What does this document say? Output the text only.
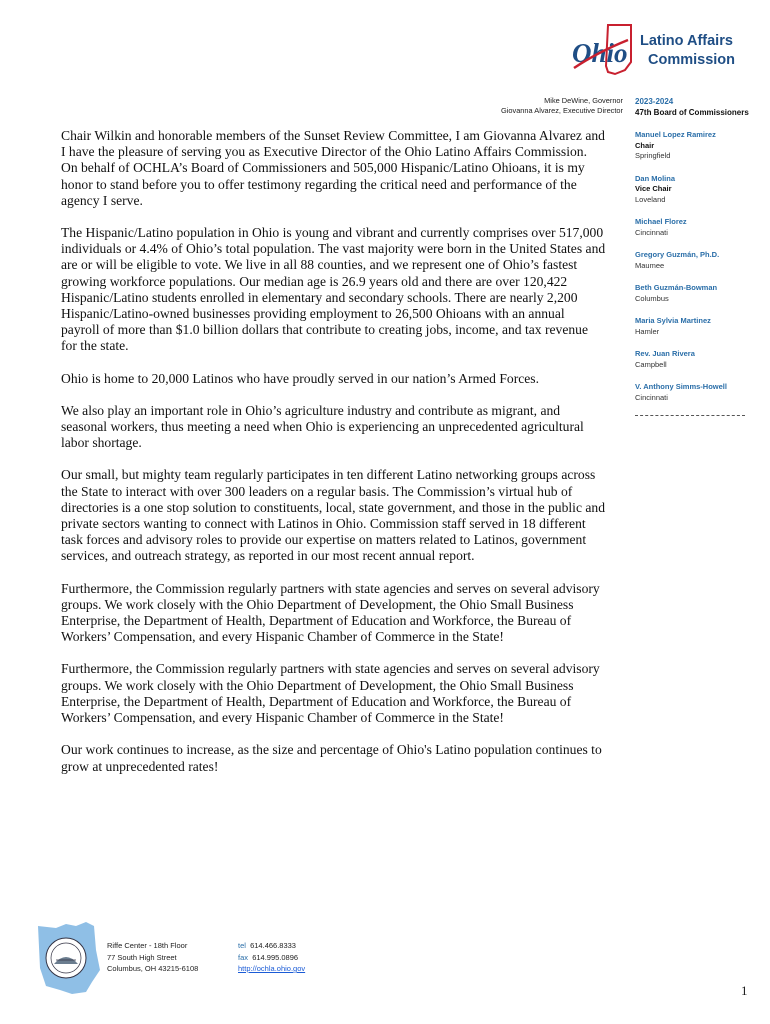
Ohio Latino Affairs
Commission
Mike DeWine, Governor
Giovanna Alvarez, Executive Director
2023-2024
47th Board of Commissioners
Manuel Lopez Ramirez
Chair
Springfield
Dan Molina
Vice Chair
Loveland
Michael Florez
Cincinnati
Gregory Guzmán, Ph.D.
Maumee
Beth Guzmán-Bowman
Columbus
Maria Sylvia Martinez
Hamler
Rev. Juan Rivera
Campbell
V. Anthony Simms-Howell
Cincinnati

Chair Wilkin and honorable members of the Sunset Review Committee, I am Giovanna Alvarez and I have the pleasure of serving you as Executive Director of the Ohio Latino Affairs Commission. On behalf of OCHLA’s Board of Commissioners and 505,000 Hispanic/Latino Ohioans, it is my honor to stand before you to offer testimony regarding the critical need and performance of the agency I serve.

The Hispanic/Latino population in Ohio is young and vibrant and currently comprises over 517,000 individuals or 4.4% of Ohio’s total population. The vast majority were born in the United States and are or will be eligible to vote. We live in all 88 counties, and we represent one of Ohio’s fastest growing workforce populations. Our median age is 26.9 years old and there are over 120,422 Hispanic/Latino students enrolled in elementary and secondary schools. There are nearly 2,200 Hispanic/Latino-owned businesses providing employment to 26,500 Ohioans with an annual payroll of more than $1.0 billion dollars that contribute to creating jobs, income, and tax revenue for the state.

Ohio is home to 20,000 Latinos who have proudly served in our nation’s Armed Forces.

We also play an important role in Ohio’s agriculture industry and contribute as migrant, and seasonal workers, thus meeting a need when Ohio is experiencing an unprecedented agricultural labor shortage.

Our small, but mighty team regularly participates in ten different Latino networking groups across the State to interact with over 300 leaders on a regular basis. The Commission’s virtual hub of directories is a one stop solution to constituents, local, state government, and those in the public and private sectors wanting to connect with Latinos in Ohio. Commission staff served in 18 different task forces and advisory roles to provide our expertise on matters related to Latinos, government services, and outreach strategy, as reported in our most recent annual report.

Furthermore, the Commission regularly partners with state agencies and serves on several advisory groups. We work closely with the Ohio Department of Development, the Ohio Small Business Enterprise, the Department of Health, Department of Education and Workforce, the Bureau of Workers’ Compensation, and every Hispanic Chamber of Commerce in the State!

Furthermore, the Commission regularly partners with state agencies and serves on several advisory groups. We work closely with the Ohio Department of Development, the Ohio Small Business Enterprise, the Department of Health, Department of Education and Workforce, the Bureau of Workers’ Compensation, and every Hispanic Chamber of Commerce in the State!

Our work continues to increase, as the size and percentage of Ohio's Latino population continues to grow at unprecedented rates!

Riffe Center - 18th Floor
77 South High Street
Columbus, OH 43215-6108
tel 614.466.8333
fax 614.995.0896
http://ochla.ohio.gov
1
